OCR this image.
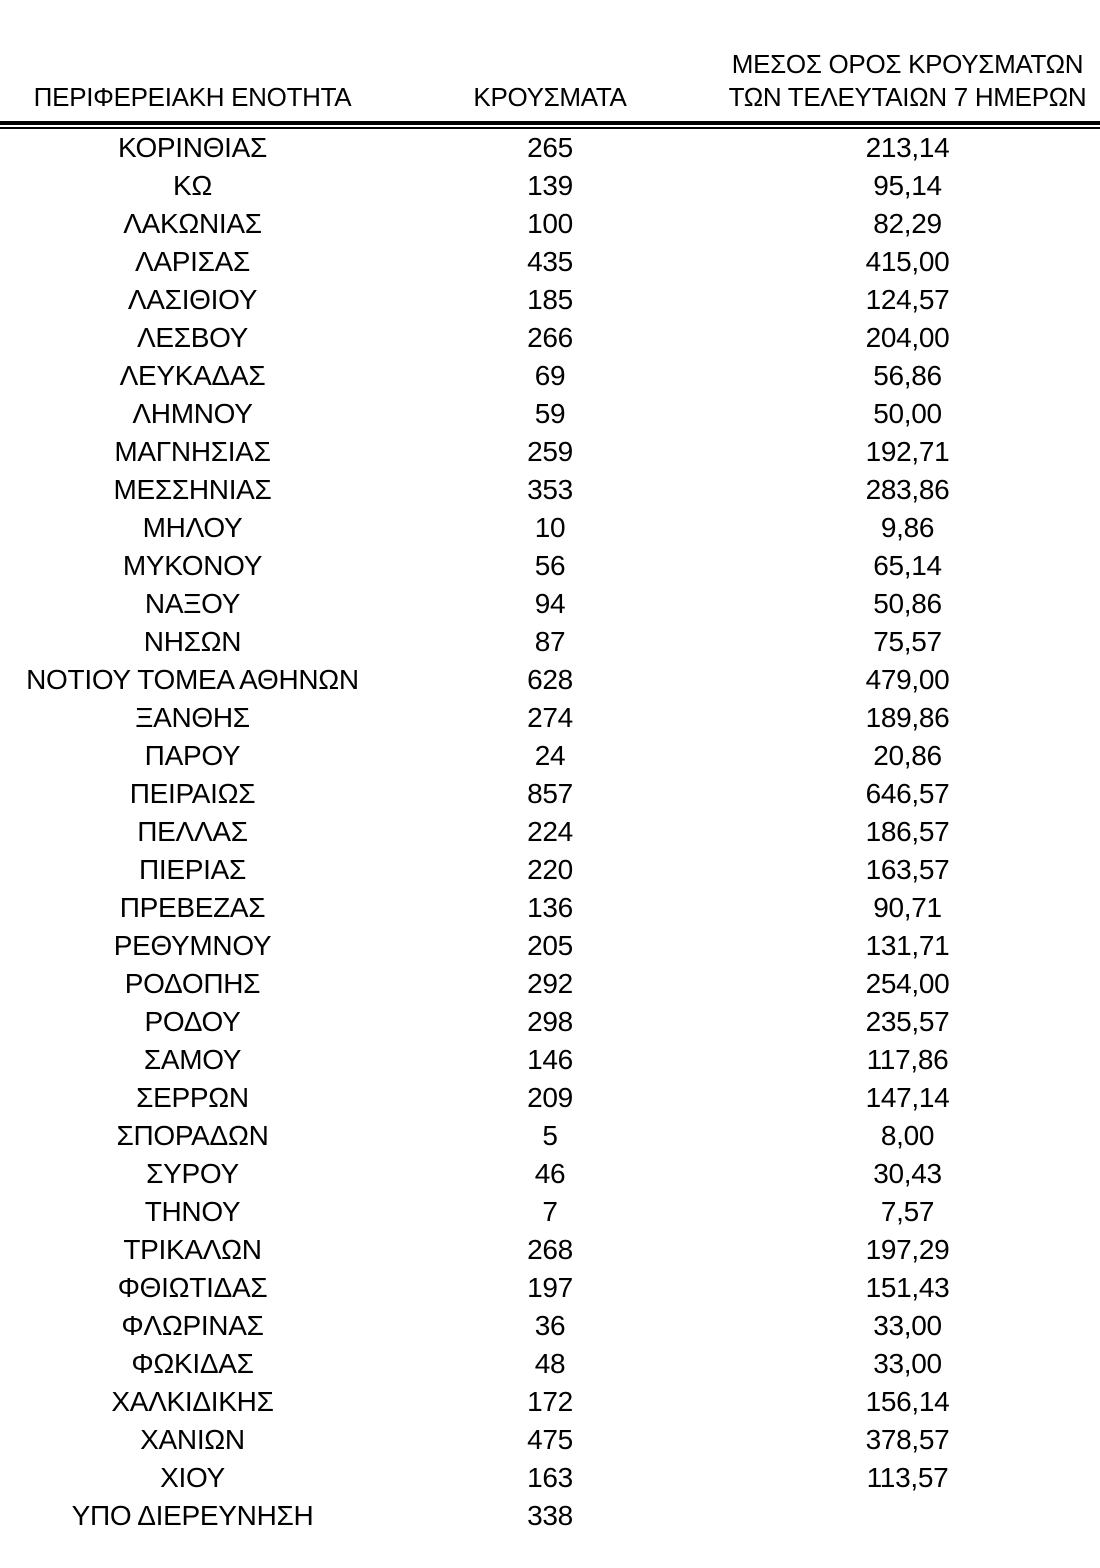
ΠΕΡΙΦΕΡΕΙΑΚΗ ΕΝΟΤΗΤΑ	ΚΡΟΥΣΜΑΤΑ	ΜΕΣΟΣ ΟΡΟΣ ΚΡΟΥΣΜΑΤΩΝ
ΤΩΝ ΤΕΛΕΥΤΑΙΩΝ 7 ΗΜΕΡΩΝ

ΚΟΡΙΝΘΙΑΣ	265	213,14
ΚΩ	139	95,14
ΛΑΚΩΝΙΑΣ	100	82,29
ΛΑΡΙΣΑΣ	435	415,00
ΛΑΣΙΘΙΟΥ	185	124,57
ΛΕΣΒΟΥ	266	204,00
ΛΕΥΚΑΔΑΣ	69	56,86
ΛΗΜΝΟΥ	59	50,00
ΜΑΓΝΗΣΙΑΣ	259	192,71
ΜΕΣΣΗΝΙΑΣ	353	283,86
ΜΗΛΟΥ	10	9,86
ΜΥΚΟΝΟΥ	56	65,14
ΝΑΞΟΥ	94	50,86
ΝΗΣΩΝ	87	75,57
ΝΟΤΙΟΥ ΤΟΜΕΑ ΑΘΗΝΩΝ	628	479,00
ΞΑΝΘΗΣ	274	189,86
ΠΑΡΟΥ	24	20,86
ΠΕΙΡΑΙΩΣ	857	646,57
ΠΕΛΛΑΣ	224	186,57
ΠΙΕΡΙΑΣ	220	163,57
ΠΡΕΒΕΖΑΣ	136	90,71
ΡΕΘΥΜΝΟΥ	205	131,71
ΡΟΔΟΠΗΣ	292	254,00
ΡΟΔΟΥ	298	235,57
ΣΑΜΟΥ	146	117,86
ΣΕΡΡΩΝ	209	147,14
ΣΠΟΡΑΔΩΝ	5	8,00
ΣΥΡΟΥ	46	30,43
ΤΗΝΟΥ	7	7,57
ΤΡΙΚΑΛΩΝ	268	197,29
ΦΘΙΩΤΙΔΑΣ	197	151,43
ΦΛΩΡΙΝΑΣ	36	33,00
ΦΩΚΙΔΑΣ	48	33,00
ΧΑΛΚΙΔΙΚΗΣ	172	156,14
ΧΑΝΙΩΝ	475	378,57
ΧΙΟΥ	163	113,57
ΥΠΟ ΔΙΕΡΕΥΝΗΣΗ	338	
